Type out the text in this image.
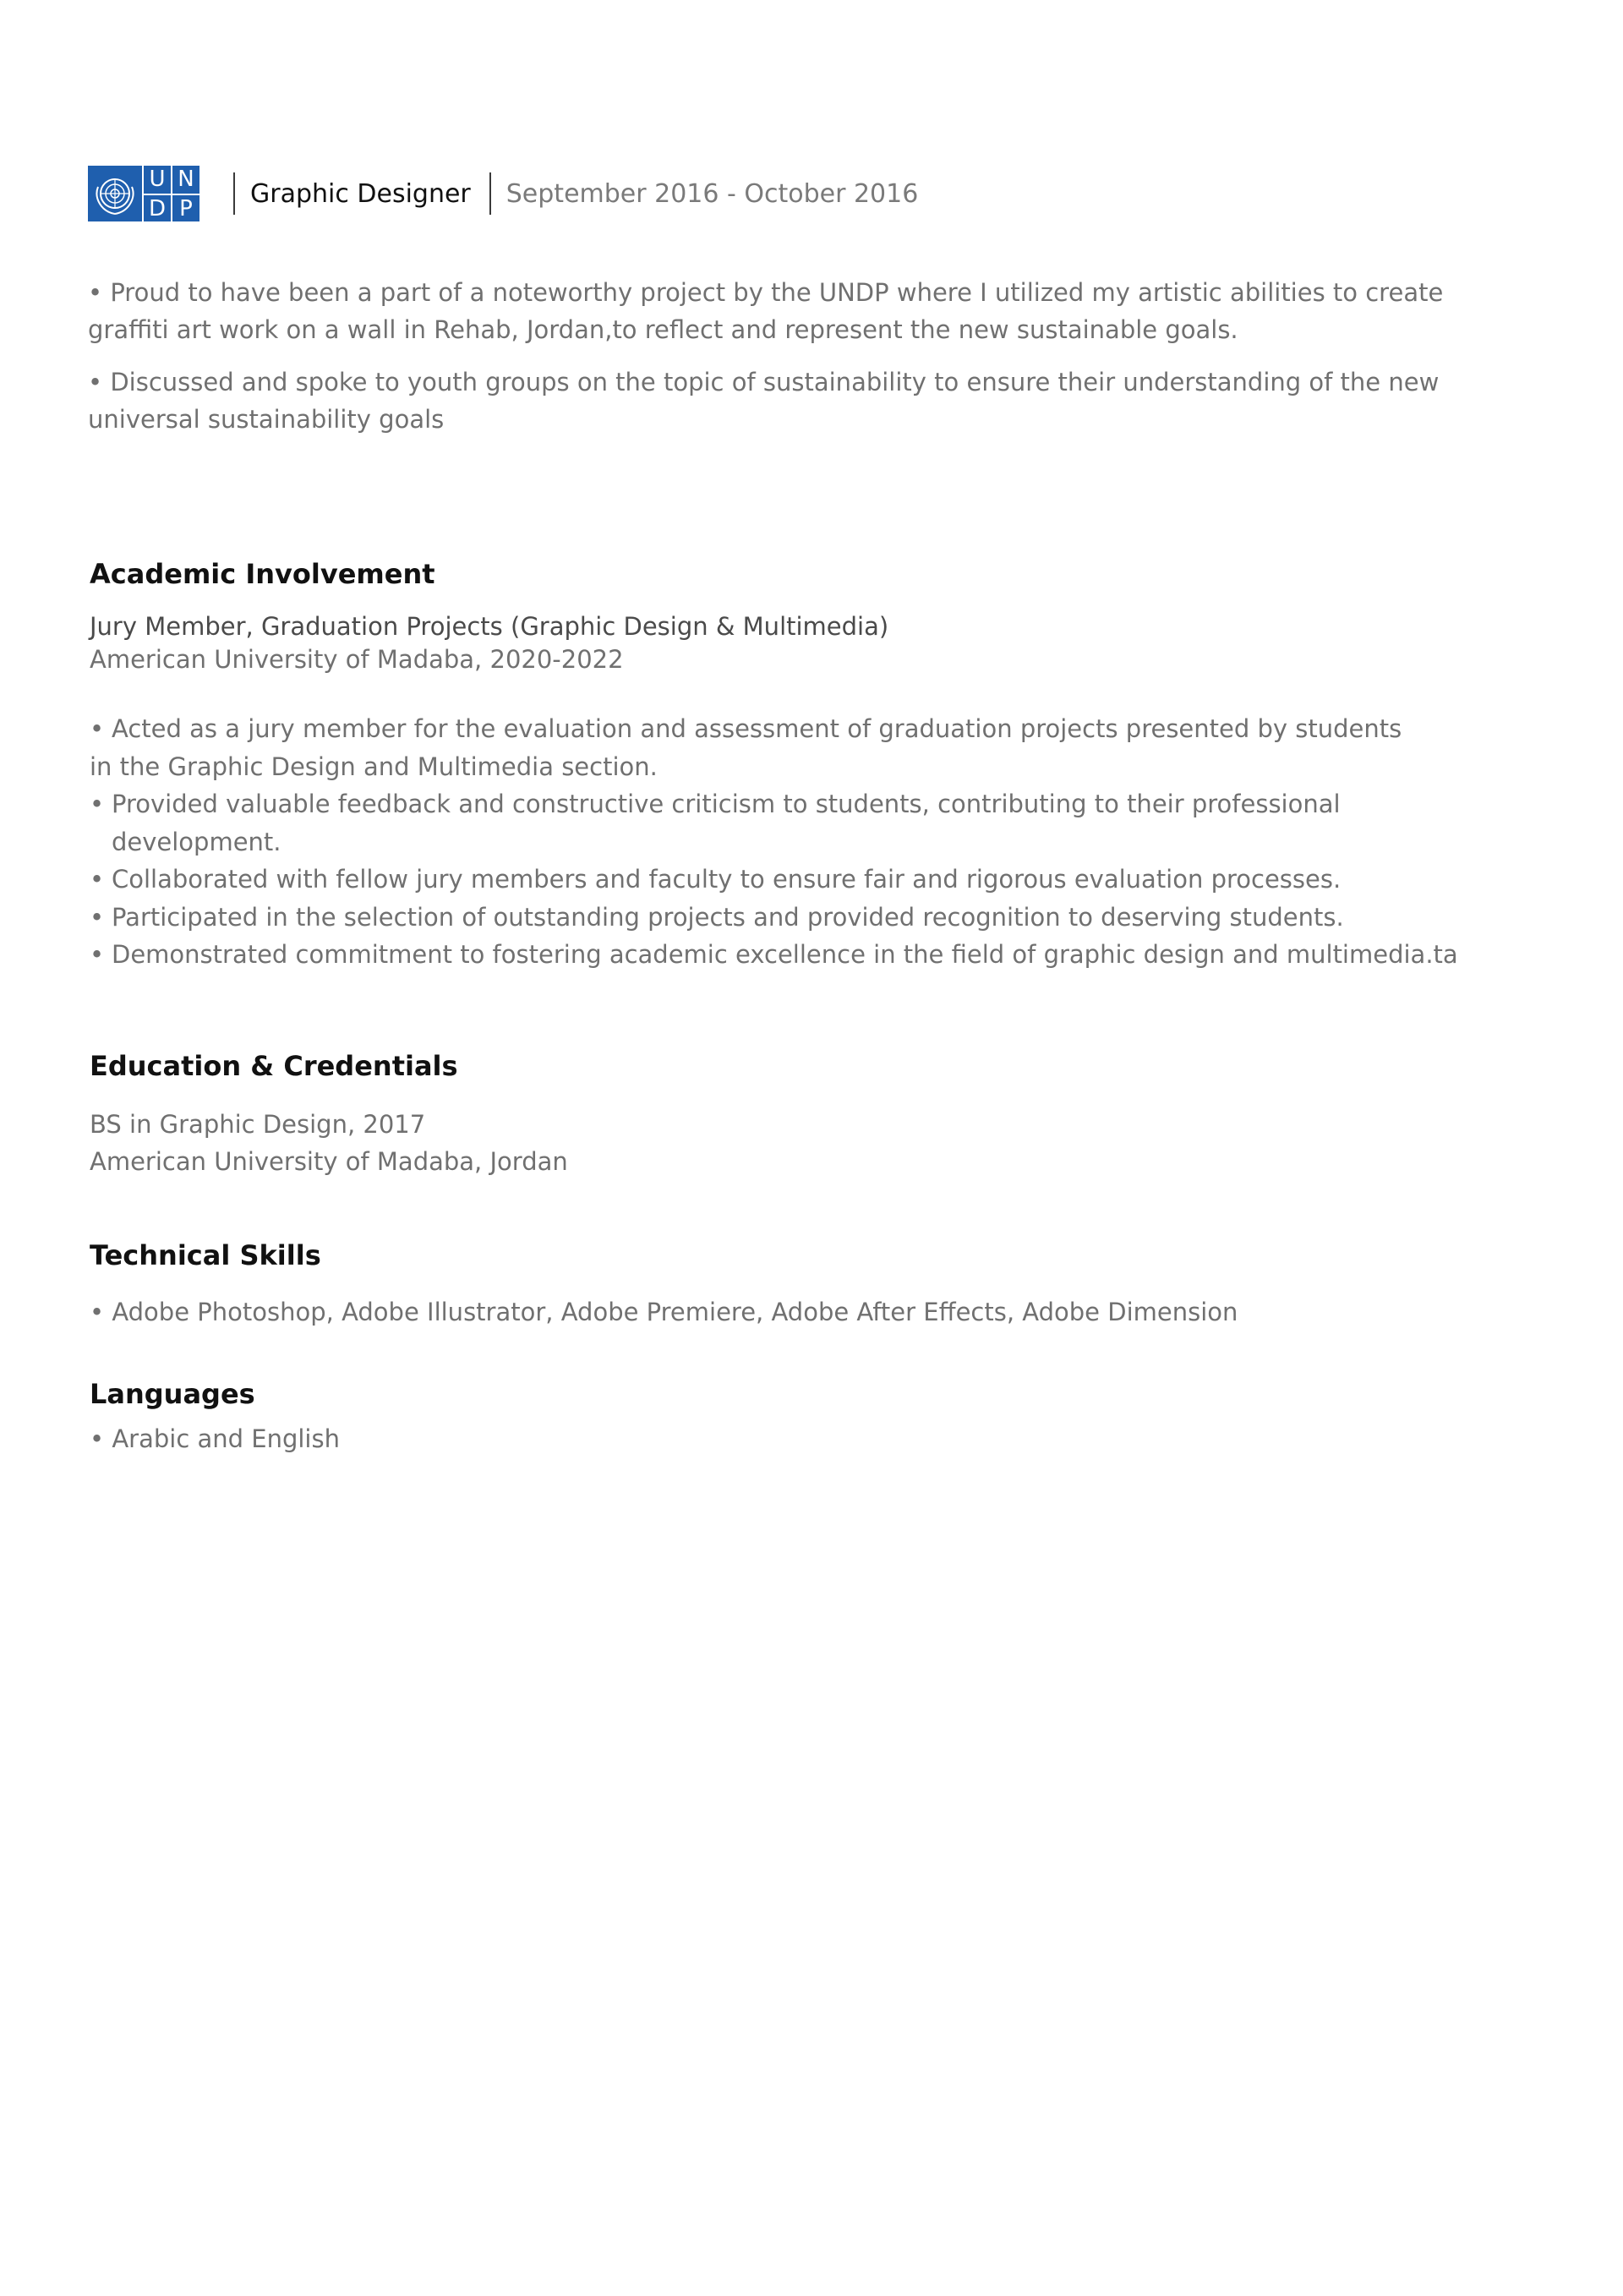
U N
D P
Graphic Designer September 2016 - October 2016

• Proud to have been a part of a noteworthy project by the UNDP where I utilized my artistic abilities to create graffiti art work on a wall in Rehab, Jordan,to reflect and represent the new sustainable goals.

• Discussed and spoke to youth groups on the topic of sustainability to ensure their understanding of the new universal sustainability goals

Academic Involvement

Jury Member, Graduation Projects (Graphic Design & Multimedia)

American University of Madaba, 2020-2022

• Acted as a jury member for the evaluation and assessment of graduation projects presented by students
in the Graphic Design and Multimedia section.
• Provided valuable feedback and constructive criticism to students, contributing to their professional development.
• Collaborated with fellow jury members and faculty to ensure fair and rigorous evaluation processes.
• Participated in the selection of outstanding projects and provided recognition to deserving students.
• Demonstrated commitment to fostering academic excellence in the field of graphic design and multimedia.ta
Education & Credentials

BS in Graphic Design, 2017

American University of Madaba, Jordan

Technical Skills

• Adobe Photoshop, Adobe Illustrator, Adobe Premiere, Adobe After Effects, Adobe Dimension

Languages

• Arabic and English
